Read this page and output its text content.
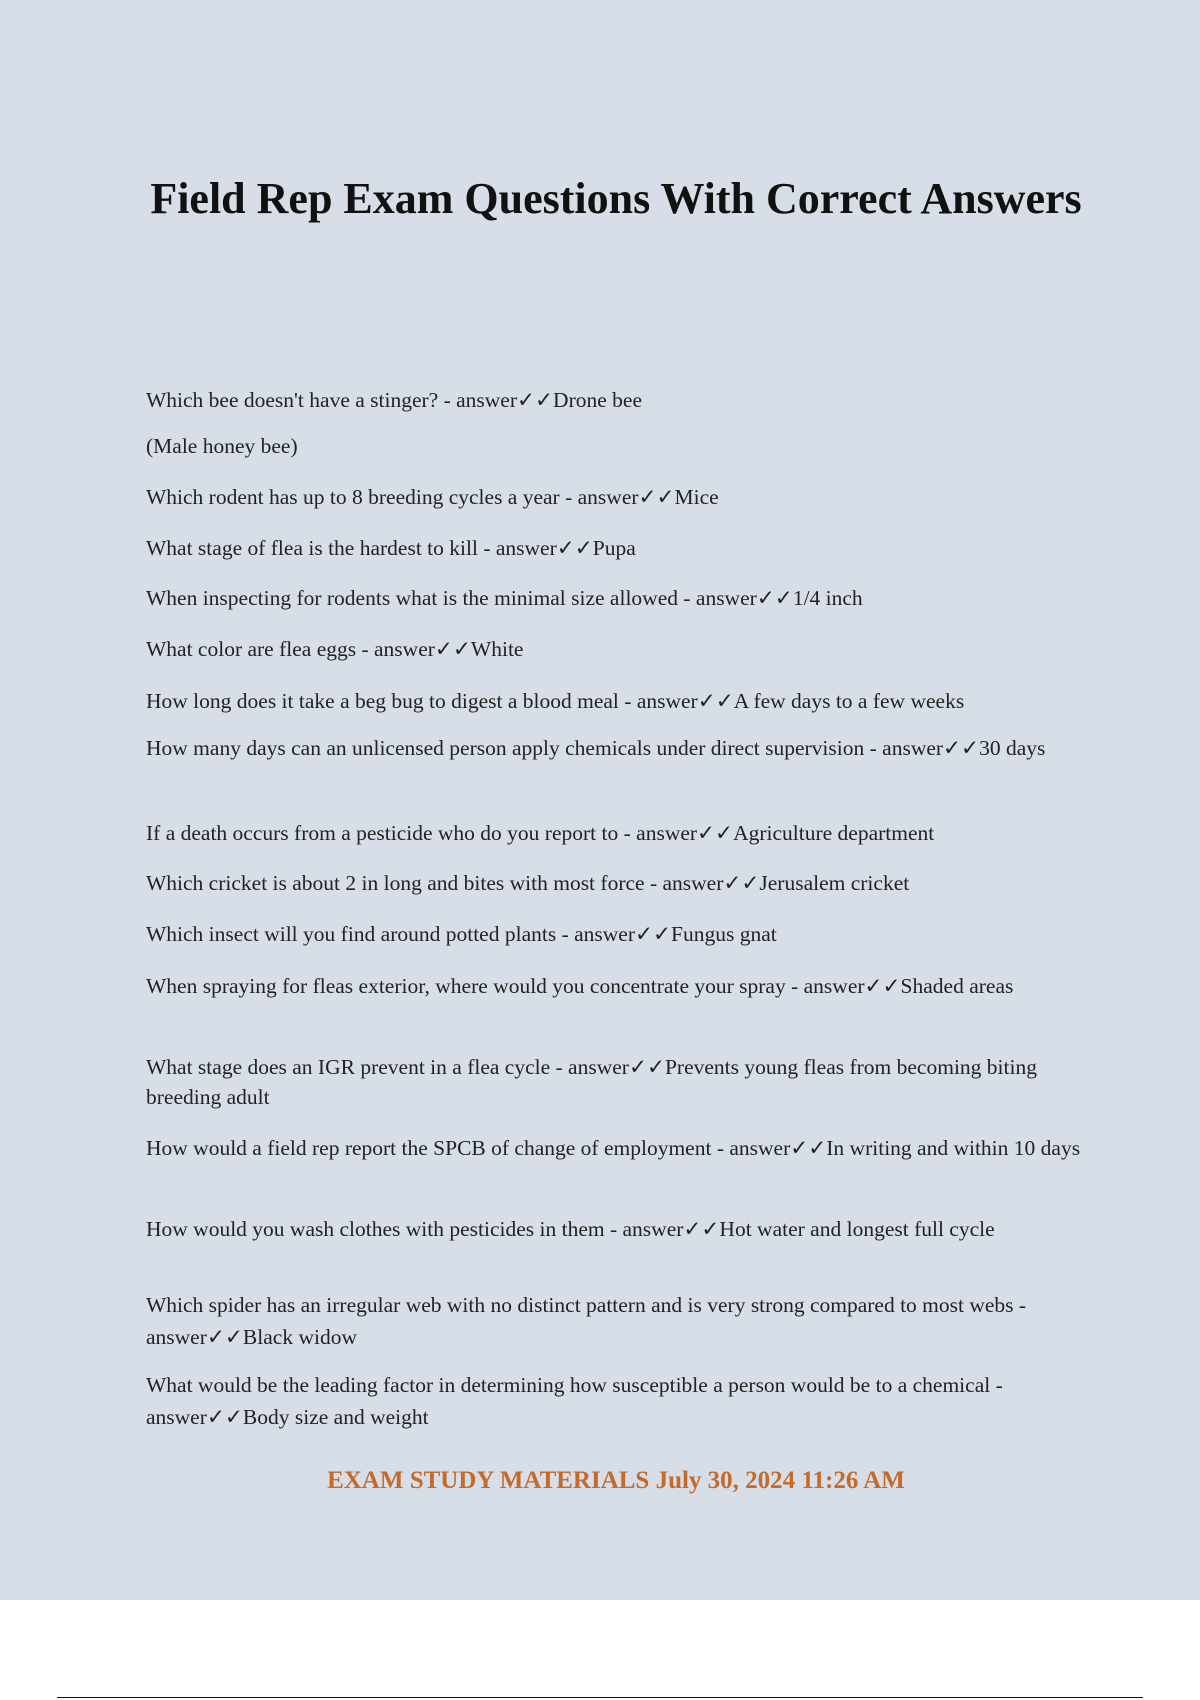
Field Rep Exam Questions With Correct Answers

Which bee doesn't have a stinger? - answer✓✓Drone bee

(Male honey bee)

Which rodent has up to 8 breeding cycles a year - answer✓✓Mice

What stage of flea is the hardest to kill - answer✓✓Pupa

When inspecting for rodents what is the minimal size allowed - answer✓✓1/4 inch

What color are flea eggs - answer✓✓White

How long does it take a beg bug to digest a blood meal - answer✓✓A few days to a few weeks

How many days can an unlicensed person apply chemicals under direct supervision - answer✓✓30 days

If a death occurs from a pesticide who do you report to - answer✓✓Agriculture department

Which cricket is about 2 in long and bites with most force - answer✓✓Jerusalem cricket

Which insect will you find around potted plants - answer✓✓Fungus gnat

When spraying for fleas exterior, where would you concentrate your spray - answer✓✓Shaded areas

What stage does an IGR prevent in a flea cycle - answer✓✓Prevents young fleas from becoming biting breeding adult

How would a field rep report the SPCB of change of employment - answer✓✓In writing and within 10 days

How would you wash clothes with pesticides in them - answer✓✓Hot water and longest full cycle

Which spider has an irregular web with no distinct pattern and is very strong compared to most webs - answer✓✓Black widow

What would be the leading factor in determining how susceptible a person would be to a chemical - answer✓✓Body size and weight

EXAM STUDY MATERIALS July 30, 2024 11:26 AM
